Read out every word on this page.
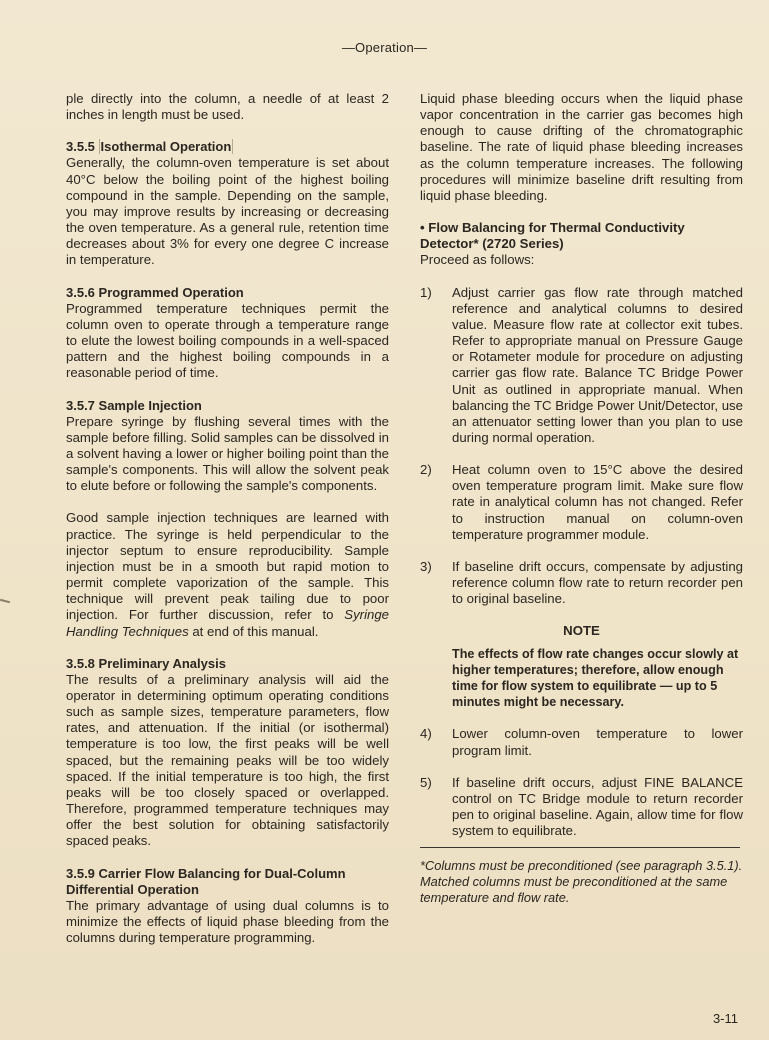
—Operation—

ple directly into the column, a needle of at least 2 inches in length must be used.

3.5.5 Isothermal Operation

Generally, the column-oven temperature is set about 40°C below the boiling point of the highest boiling compound in the sample. Depending on the sample, you may improve results by increasing or decreasing the oven temperature. As a general rule, retention time decreases about 3% for every one degree C increase in temperature.

3.5.6 Programmed Operation

Programmed temperature techniques permit the column oven to operate through a temperature range to elute the lowest boiling compounds in a well-spaced pattern and the highest boiling compounds in a reasonable period of time.

3.5.7 Sample Injection

Prepare syringe by flushing several times with the sample before filling. Solid samples can be dissolved in a solvent having a lower or higher boiling point than the sample's components. This will allow the solvent peak to elute before or following the sample's components.

Good sample injection techniques are learned with practice. The syringe is held perpendicular to the injector septum to ensure reproducibility. Sample injection must be in a smooth but rapid motion to permit complete vaporization of the sample. This technique will prevent peak tailing due to poor injection. For further discussion, refer to Syringe Handling Techniques at end of this manual.

3.5.8 Preliminary Analysis

The results of a preliminary analysis will aid the operator in determining optimum operating conditions such as sample sizes, temperature parameters, flow rates, and attenuation. If the initial (or isothermal) temperature is too low, the first peaks will be well spaced, but the remaining peaks will be too widely spaced. If the initial temperature is too high, the first peaks will be too closely spaced or overlapped. Therefore, programmed temperature techniques may offer the best solution for obtaining satisfactorily spaced peaks.

3.5.9 Carrier Flow Balancing for Dual-Column Differential Operation

The primary advantage of using dual columns is to minimize the effects of liquid phase bleeding from the columns during temperature programming.

Liquid phase bleeding occurs when the liquid phase vapor concentration in the carrier gas becomes high enough to cause drifting of the chromatographic baseline. The rate of liquid phase bleeding increases as the column temperature increases. The following procedures will minimize baseline drift resulting from liquid phase bleeding.

• Flow Balancing for Thermal Conductivity Detector* (2720 Series)

Proceed as follows:

1)	Adjust carrier gas flow rate through matched reference and analytical columns to desired value. Measure flow rate at collector exit tubes. Refer to appropriate manual on Pressure Gauge or Rotameter module for procedure on adjusting carrier gas flow rate. Balance TC Bridge Power Unit as outlined in appropriate manual. When balancing the TC Bridge Power Unit/Detector, use an attenuator setting lower than you plan to use during normal operation.
2)	Heat column oven to 15°C above the desired oven temperature program limit. Make sure flow rate in analytical column has not changed. Refer to instruction manual on column-oven temperature programmer module.
3)	If baseline drift occurs, compensate by adjusting reference column flow rate to return recorder pen to original baseline.

NOTE

The effects of flow rate changes occur slowly at higher temperatures; therefore, allow enough time for flow system to equilibrate — up to 5 minutes might be necessary.

4)	Lower column-oven temperature to lower program limit.
5)	If baseline drift occurs, adjust FINE BALANCE control on TC Bridge module to return recorder pen to original baseline. Again, allow time for flow system to equilibrate.

*Columns must be preconditioned (see paragraph 3.5.1). Matched columns must be preconditioned at the same temperature and flow rate.

3-11
